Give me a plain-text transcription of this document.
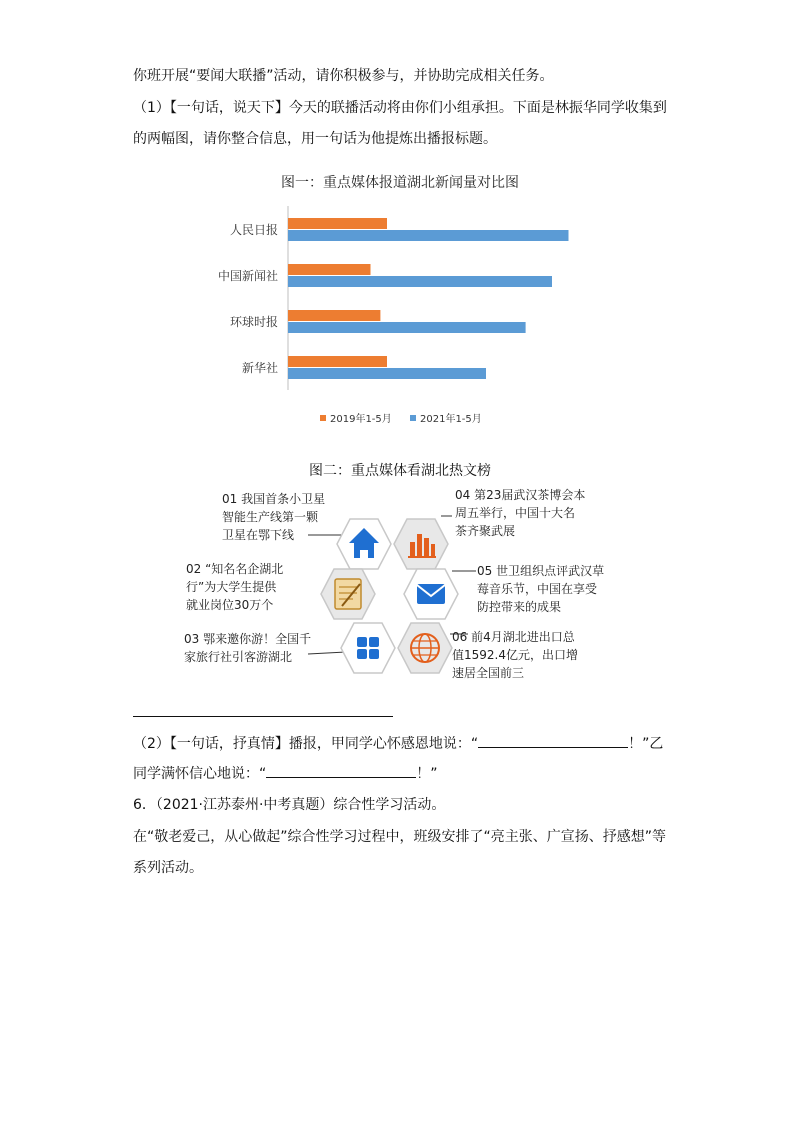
你班开展“要闻大联播”活动，请你积极参与，并协助完成相关任务。
（1）【一句话，说天下】今天的联播活动将由你们小组承担。下面是林振华同学收集到
的两幅图，请你整合信息，用一句话为他提炼出播报标题。
图一：重点媒体报道湖北新闻量对比图
人民日报
中国新闻社
环球时报
新华社
2019年1-5月	2021年1-5月
图二：重点媒体看湖北热文榜
01 我国首条小卫星
智能生产线第一颗
卫星在鄂下线
02 “知名名企湖北
行”为大学生提供
就业岗位30万个
03 鄂来邀你游！全国千
家旅行社引客游湖北
04 第23届武汉茶博会本
周五举行，中国十大名
茶齐聚武展
05 世卫组织点评武汉草
莓音乐节，中国在享受
防控带来的成果
06 前4月湖北进出口总
值1592.4亿元，出口增
速居全国前三
（2）【一句话，抒真情】播报，甲同学心怀感恩地说：“	！”乙
同学满怀信心地说：“	！”
6．（2021·江苏泰州·中考真题）综合性学习活动。
在“敬老爱己，从心做起”综合性学习过程中，班级安排了“亮主张、广宣扬、抒感想”等
系列活动。
